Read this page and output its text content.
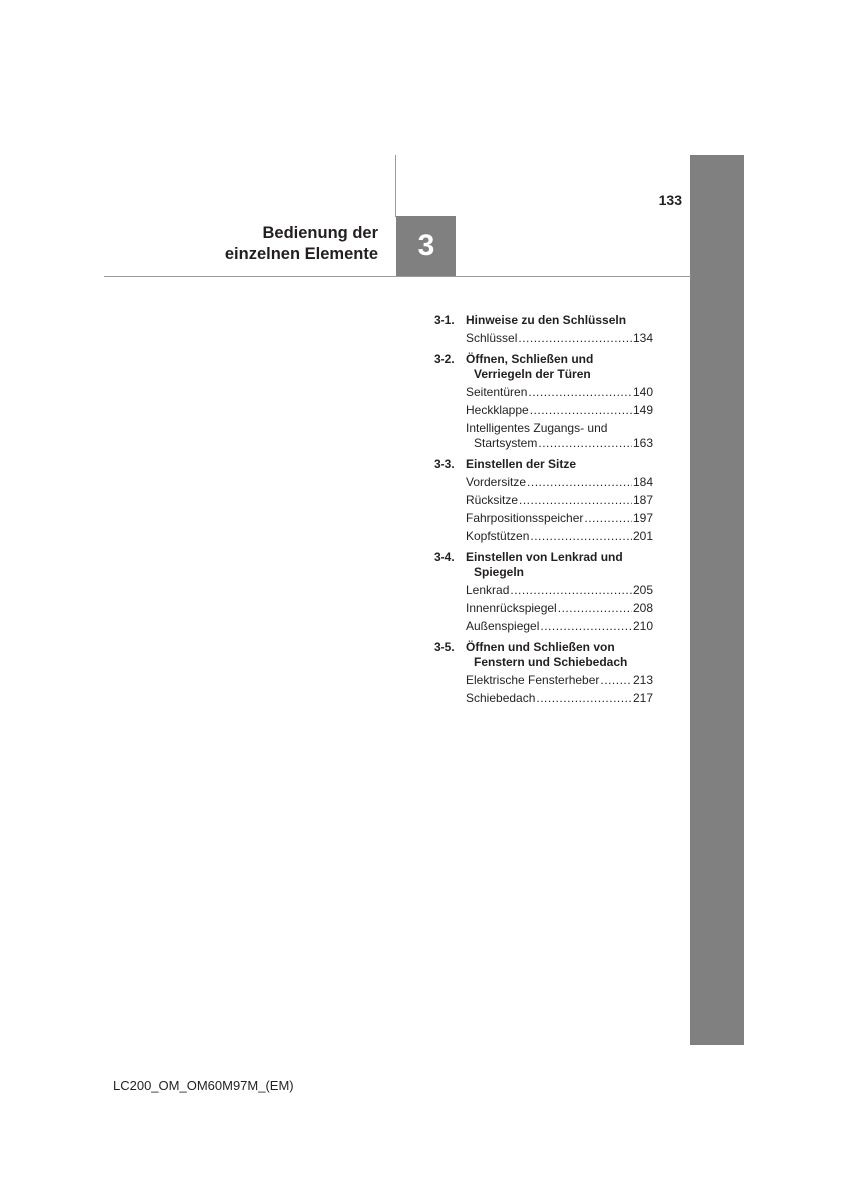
Bedienung der
einzelnen Elemente	3
133
3-1. Hinweise zu den Schlüsseln
Schlüssel .....	134
3-2. Öffnen, Schließen und
Verriegeln der Türen
Seitentüren .....	140
Heckklappe .....	149
Intelligentes Zugangs- und
Startsystem .....	163
3-3. Einstellen der Sitze
Vordersitze .....	184
Rücksitze .....	187
Fahrpositionsspeicher .....	197
Kopfstützen .....	201
3-4. Einstellen von Lenkrad und
Spiegeln
Lenkrad .....	205
Innenrückspiegel .....	208
Außenspiegel .....	210
3-5. Öffnen und Schließen von
Fenstern und Schiebedach
Elektrische Fensterheber .....	213
Schiebedach .....	217
LC200_OM_OM60M97M_(EM)
